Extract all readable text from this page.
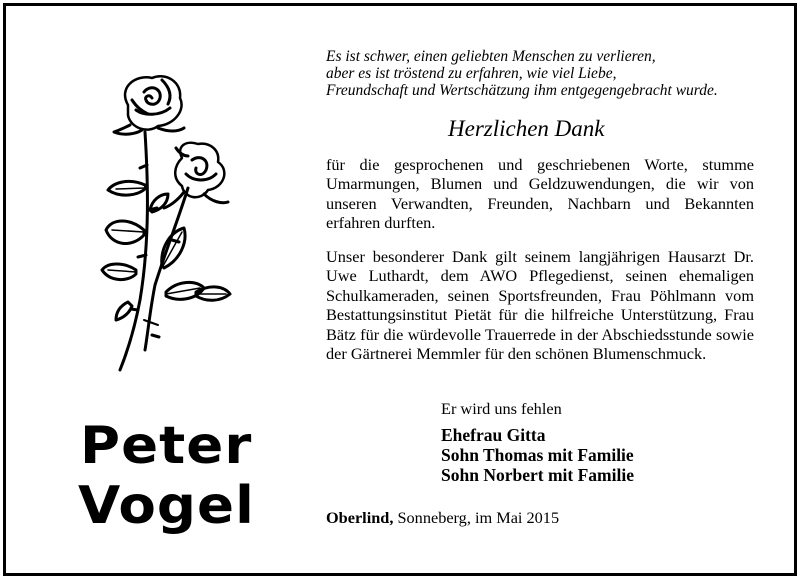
Peter
Vogel
Es ist schwer, einen geliebten Menschen zu verlieren,
aber es ist tröstend zu erfahren, wie viel Liebe,
Freundschaft und Wertschätzung ihm entgegengebracht wurde.
Herzlichen Dank
für die gesprochenen und geschriebenen Worte, stumme Umarmungen, Blumen und Geldzuwendungen, die wir von unseren Verwandten, Freunden, Nachbarn und Bekannten erfahren durften.
Unser besonderer Dank gilt seinem langjährigen Hausarzt Dr. Uwe Luthardt, dem AWO Pflegedienst, seinen ehemaligen Schulkameraden, seinen Sportsfreunden, Frau Pöhlmann vom Bestattungsinstitut Pietät für die hilfreiche Unterstützung, Frau Bätz für die würdevolle Trauerrede in der Abschiedsstunde sowie der Gärtnerei Memmler für den schönen Blumenschmuck.
Er wird uns fehlen
Ehefrau Gitta
Sohn Thomas mit Familie
Sohn Norbert mit Familie
Oberlind, Sonneberg, im Mai 2015
